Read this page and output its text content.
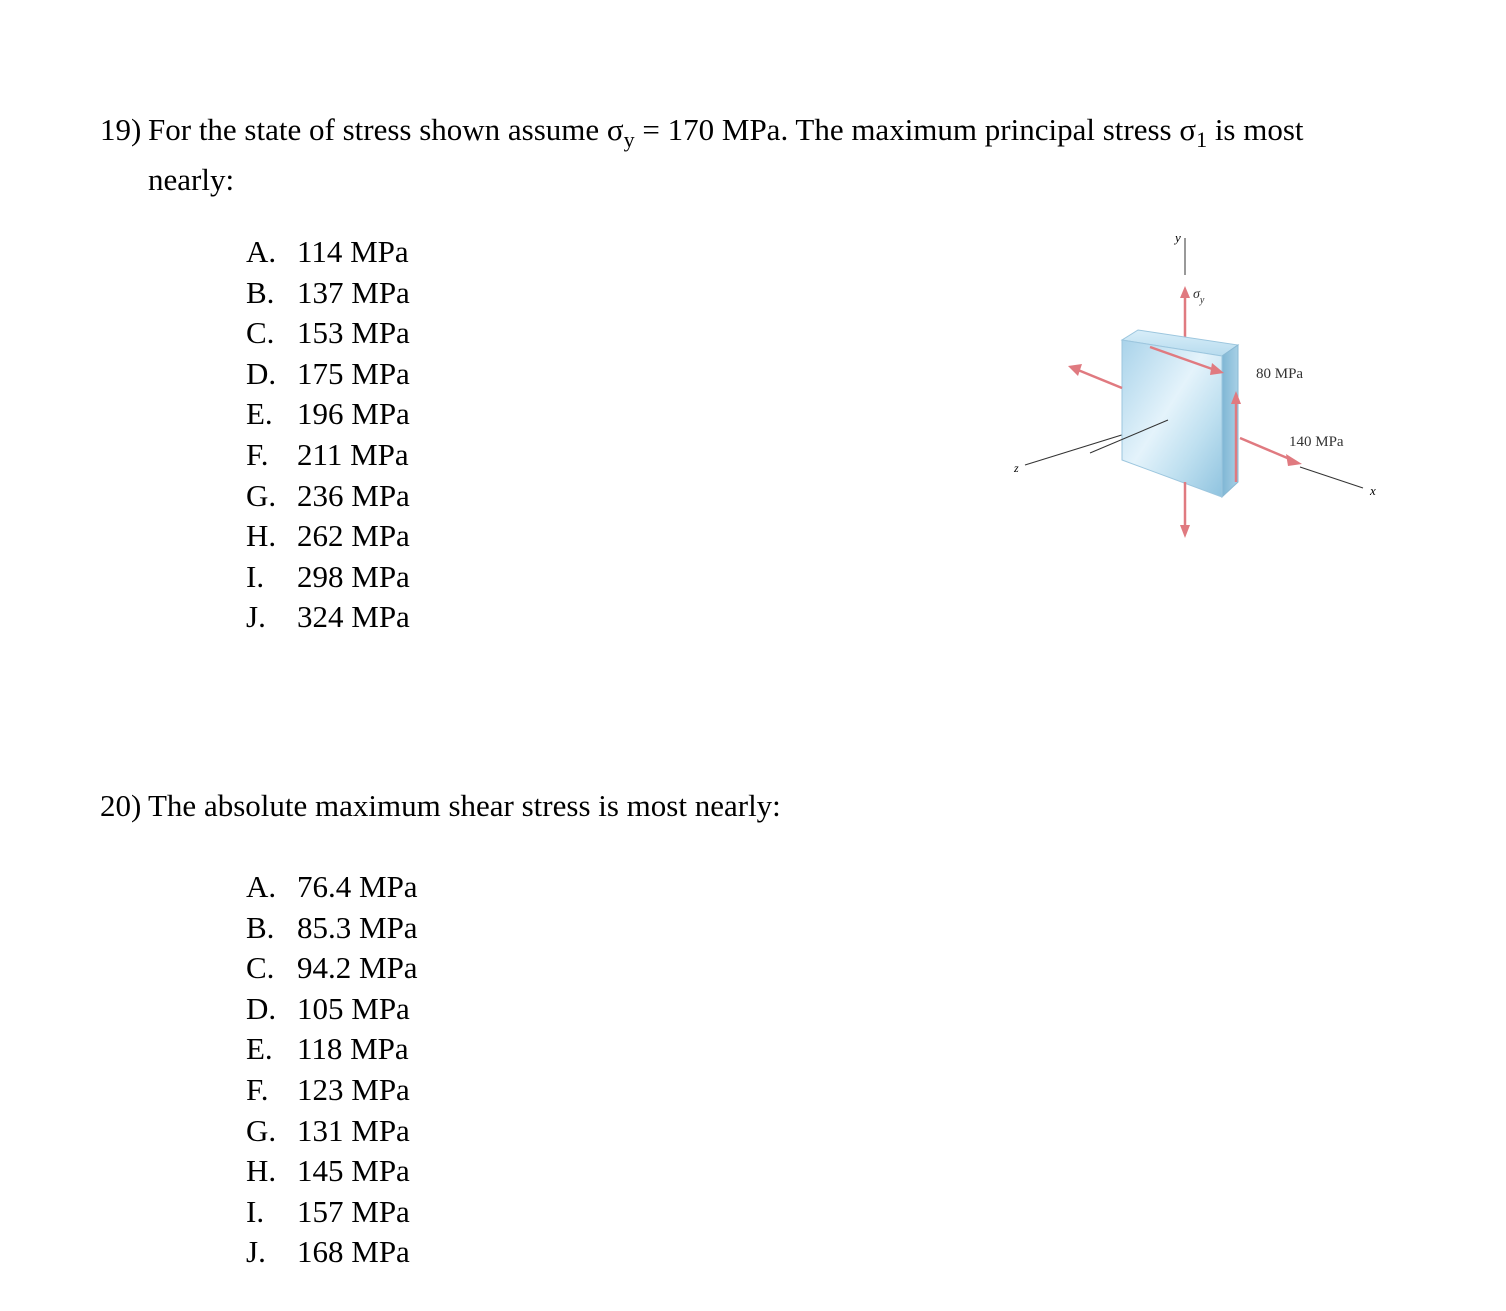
19) For the state of stress shown assume $\sigma_y = 170$ MPa. The maximum principal stress $\sigma_1$ is most
nearly:
A. 114 MPa
B. 137 MPa
C. 153 MPa
D. 175 MPa
E. 196 MPa
F. 211 MPa
G. 236 MPa
H. 262 MPa
I. 298 MPa
J. 324 MPa
y
$\sigma_y$
z
x
80 MPa
140 MPa
20) The absolute maximum shear stress is most nearly:
A. 76.4 MPa
B. 85.3 MPa
C. 94.2 MPa
D. 105 MPa
E. 118 MPa
F. 123 MPa
G. 131 MPa
H. 145 MPa
I. 157 MPa
J. 168 MPa
